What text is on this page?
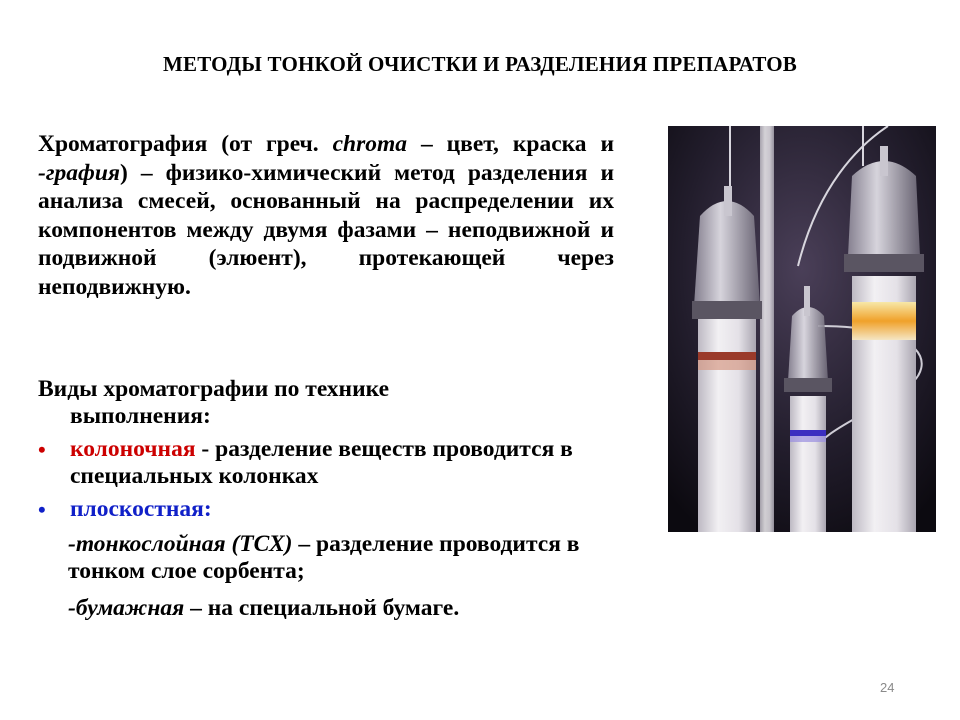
МЕТОДЫ ТОНКОЙ ОЧИСТКИ И РАЗДЕЛЕНИЯ ПРЕПАРАТОВ
Хроматография (от греч. chroma – цвет, краска и -графия) – физико-химический метод разделения и анализа смесей, основанный на распределении их компонентов между двумя фазами – неподвижной и подвижной (элюент), протекающей через неподвижную.
Виды хроматографии по технике
выполнения:
• колоночная - разделение веществ проводится в специальных колонках
• плоскостная:
-тонкослойная (ТСХ) – разделение проводится в тонком слое сорбента;
-бумажная – на специальной бумаге.
24
